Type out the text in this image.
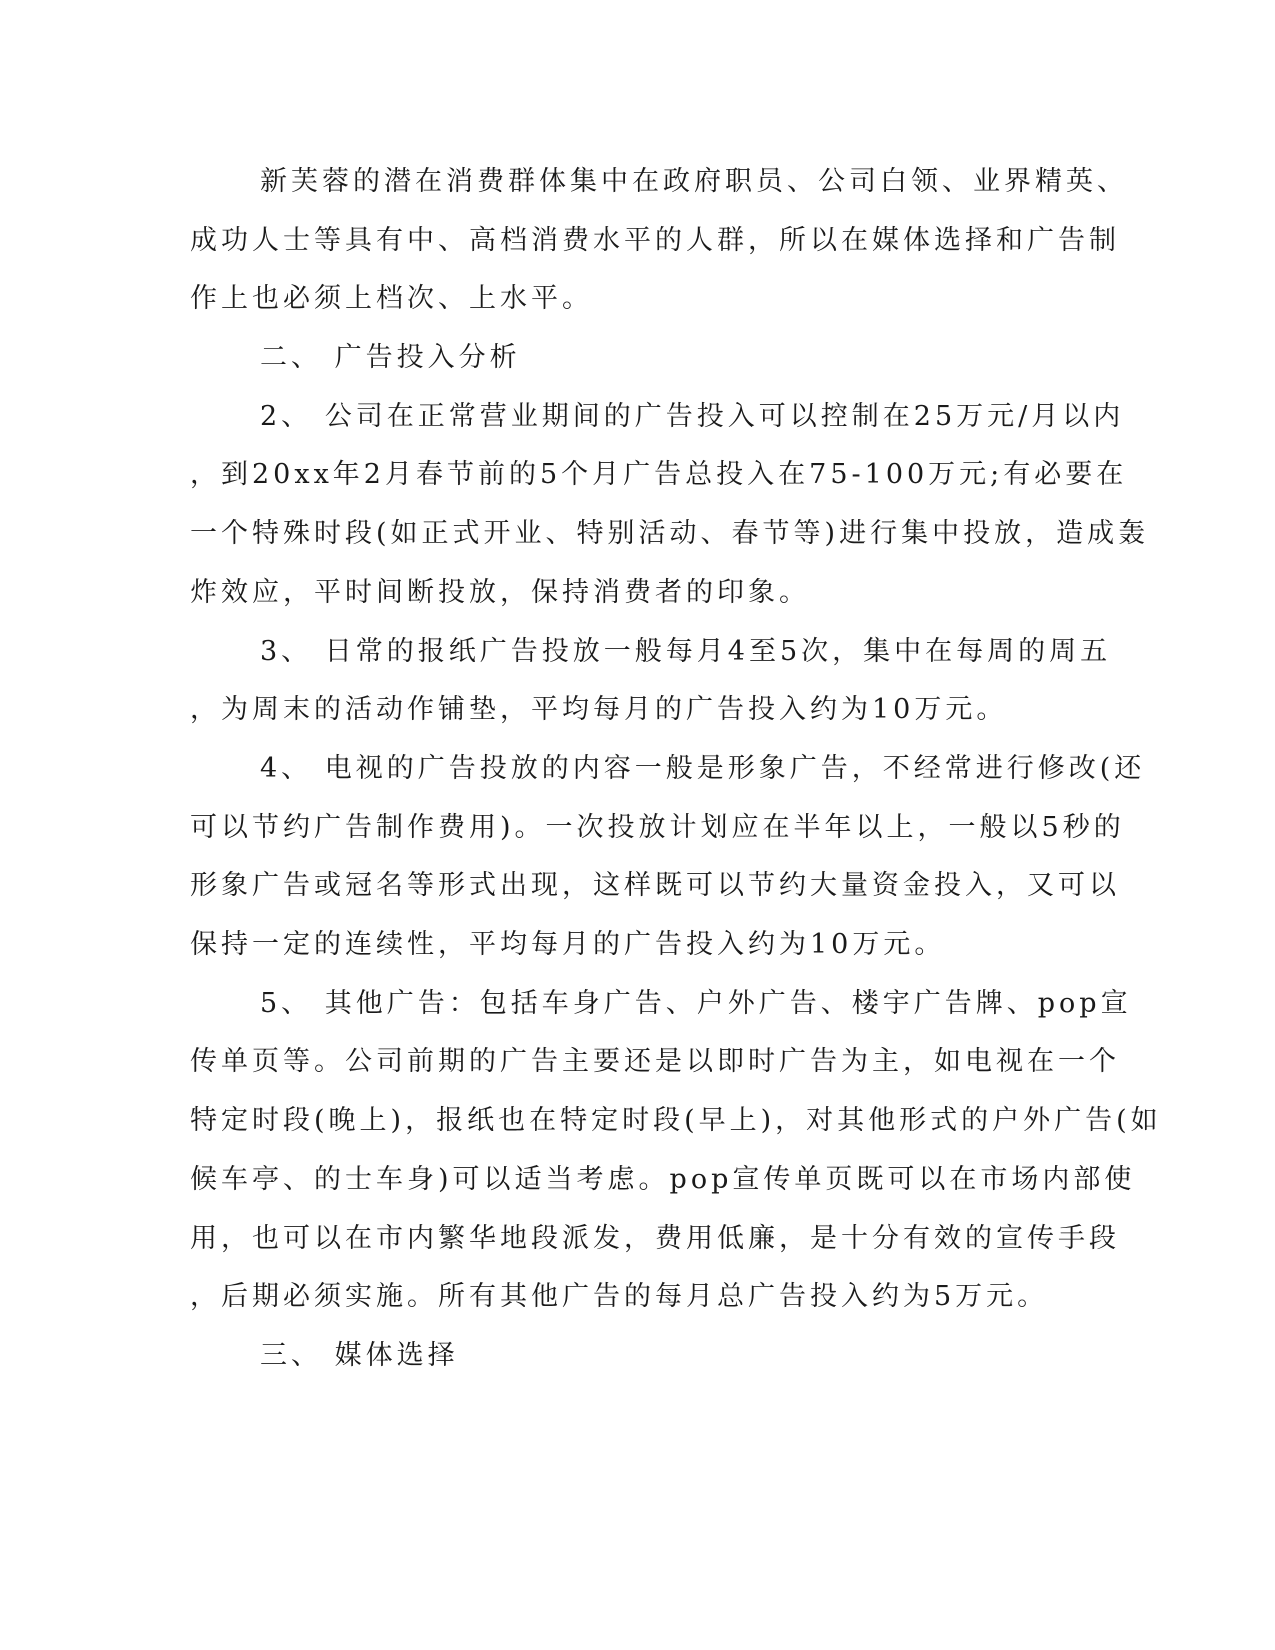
新芙蓉的潜在消费群体集中在政府职员、公司白领、业界精英、
成功人士等具有中、高档消费水平的人群，所以在媒体选择和广告制
作上也必须上档次、上水平。
二、 广告投入分析
2、 公司在正常营业期间的广告投入可以控制在25万元/月以内
，到20xx年2月春节前的5个月广告总投入在75-100万元;有必要在
一个特殊时段(如正式开业、特别活动、春节等)进行集中投放，造成轰
炸效应，平时间断投放，保持消费者的印象。
3、 日常的报纸广告投放一般每月4至5次，集中在每周的周五
，为周末的活动作铺垫，平均每月的广告投入约为10万元。
4、 电视的广告投放的内容一般是形象广告，不经常进行修改(还
可以节约广告制作费用)。一次投放计划应在半年以上，一般以5秒的
形象广告或冠名等形式出现，这样既可以节约大量资金投入，又可以
保持一定的连续性，平均每月的广告投入约为10万元。
5、 其他广告：包括车身广告、户外广告、楼宇广告牌、pop宣
传单页等。公司前期的广告主要还是以即时广告为主，如电视在一个
特定时段(晚上)，报纸也在特定时段(早上)，对其他形式的户外广告(如
候车亭、的士车身)可以适当考虑。pop宣传单页既可以在市场内部使
用，也可以在市内繁华地段派发，费用低廉，是十分有效的宣传手段
，后期必须实施。所有其他广告的每月总广告投入约为5万元。
三、 媒体选择
